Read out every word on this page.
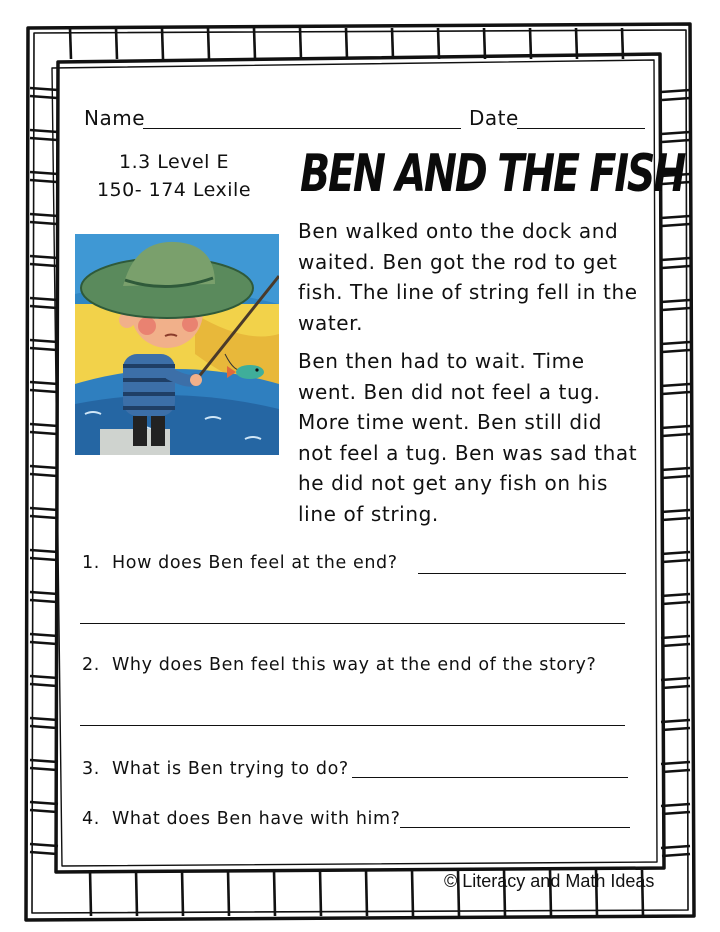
Name	Date
1.3 Level E
150- 174 Lexile	BEN AND THE FISH
Ben walked onto the dock and waited. Ben got the rod to get fish. The line of string fell in the water.
Ben then had to wait. Time went. Ben did not feel a tug. More time went. Ben still did not feel a tug. Ben was sad that he did not get any fish on his line of string.
1. How does Ben feel at the end?
2. Why does Ben feel this way at the end of the story?
3. What is Ben trying to do?
4. What does Ben have with him?
© Literacy and Math Ideas
